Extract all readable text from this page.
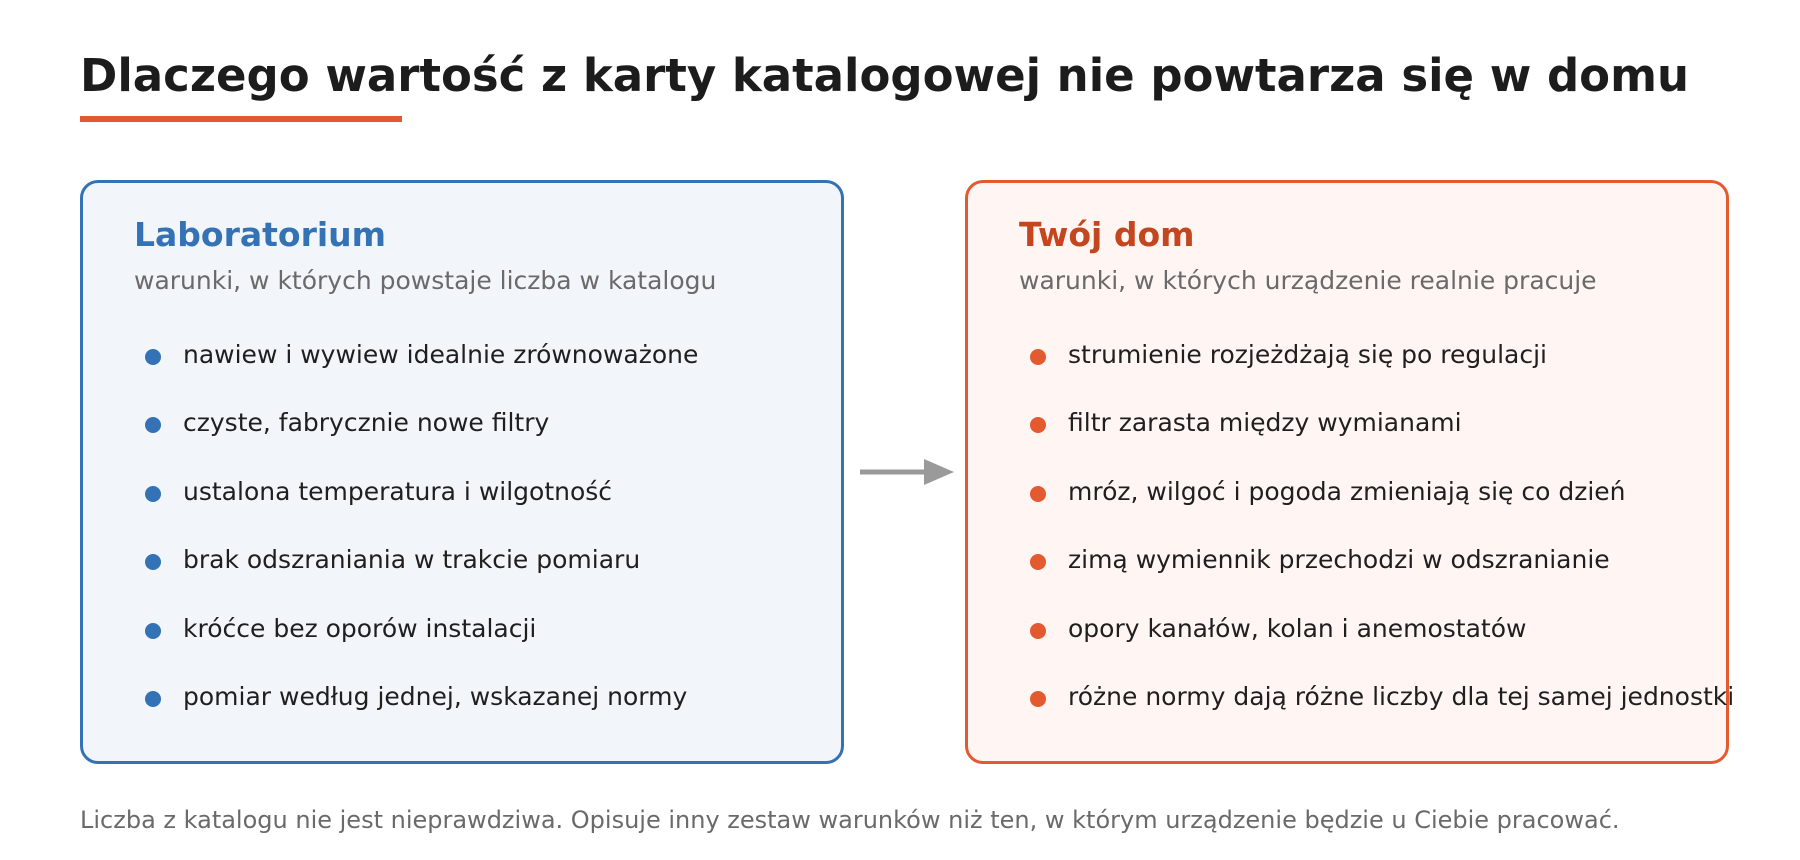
Dlaczego wartość z karty katalogowej nie powtarza się w domu
Laboratorium
warunki, w których powstaje liczba w katalogu
nawiew i wywiew idealnie zrównoważone
czyste, fabrycznie nowe filtry
ustalona temperatura i wilgotność
brak odszraniania w trakcie pomiaru
króćce bez oporów instalacji
pomiar według jednej, wskazanej normy
Twój dom
warunki, w których urządzenie realnie pracuje
strumienie rozjeżdżają się po regulacji
filtr zarasta między wymianami
mróz, wilgoć i pogoda zmieniają się co dzień
zimą wymiennik przechodzi w odszranianie
opory kanałów, kolan i anemostatów
różne normy dają różne liczby dla tej samej jednostki
Liczba z katalogu nie jest nieprawdziwa. Opisuje inny zestaw warunków niż ten, w którym urządzenie będzie u Ciebie pracować.
